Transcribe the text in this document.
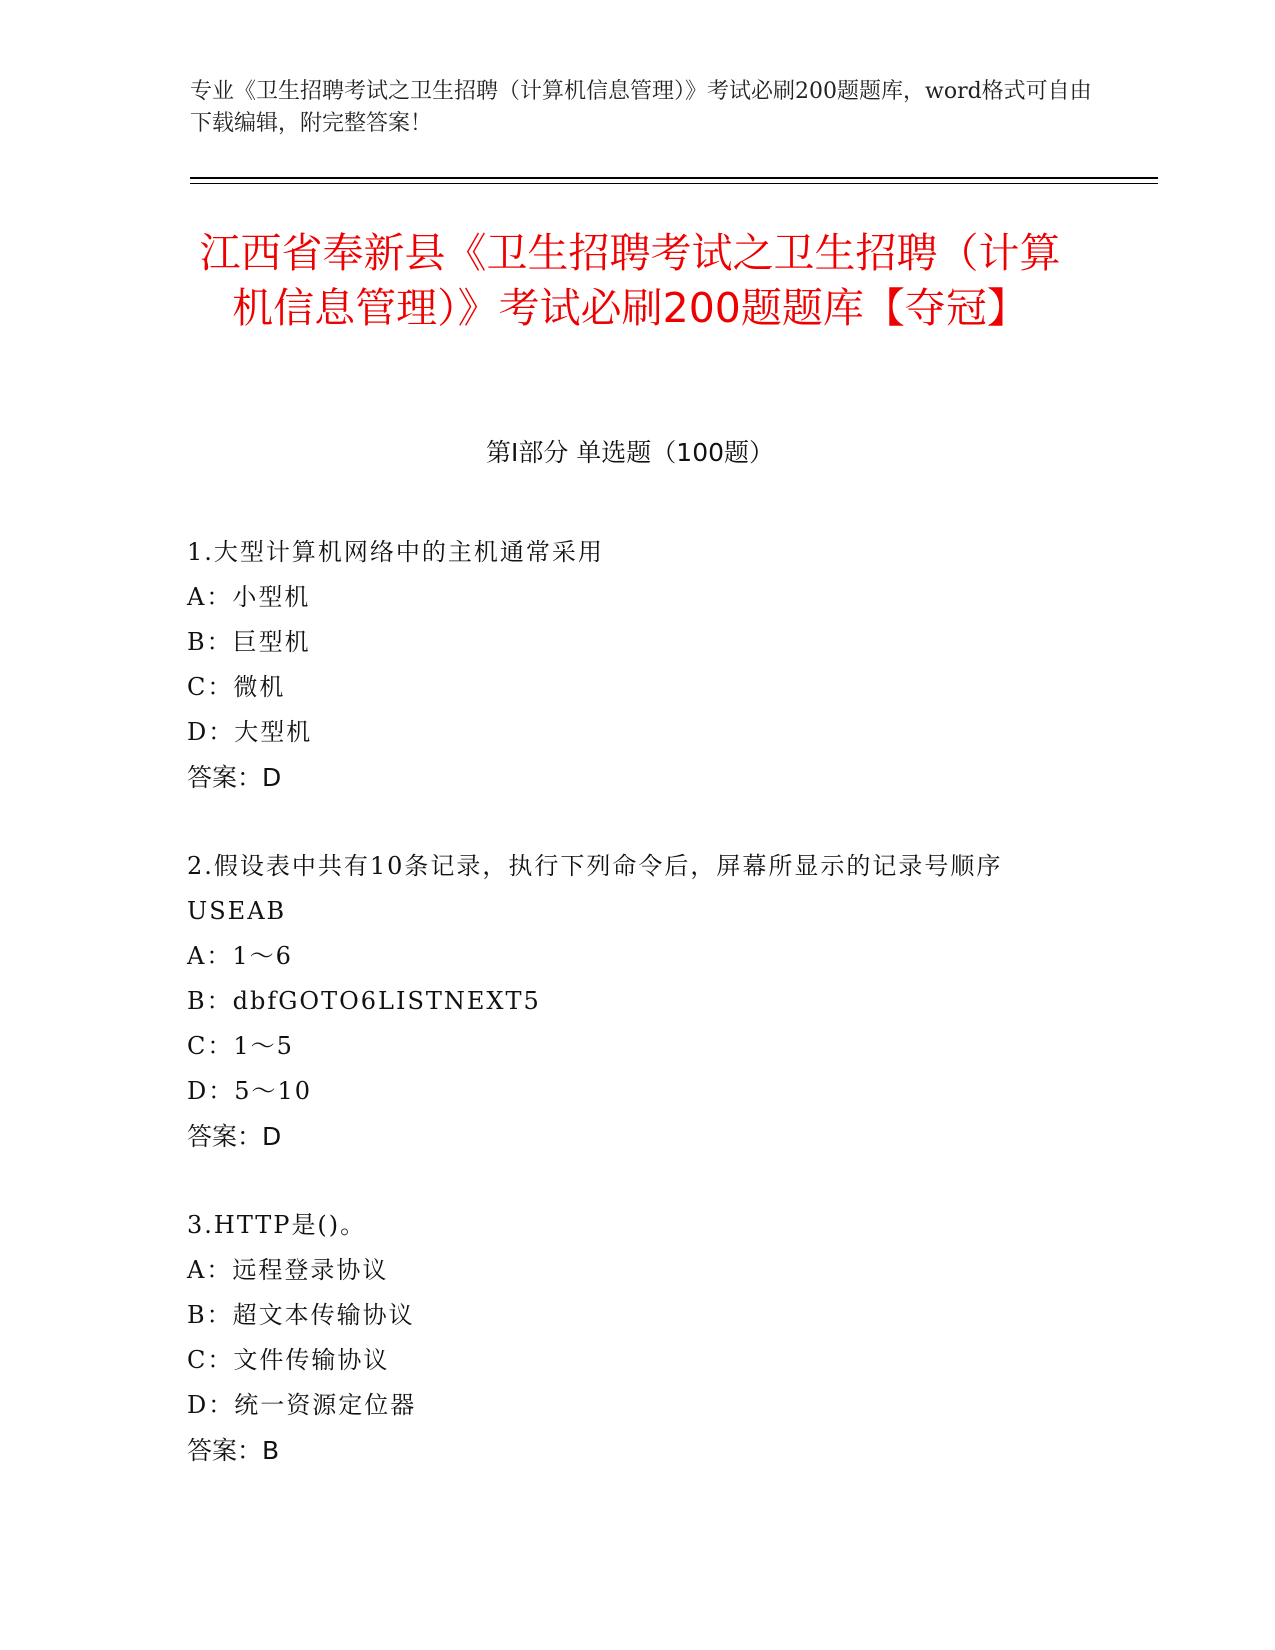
专业《卫生招聘考试之卫生招聘（计算机信息管理）》考试必刷200题题库，word格式可自由下载编辑，附完整答案！
江西省奉新县《卫生招聘考试之卫生招聘（计算机信息管理）》考试必刷200题题库【夺冠】
第Ⅰ部分 单选题（100题）
1.大型计算机网络中的主机通常采用
A：小型机
B：巨型机
C：微机
D：大型机
答案：D
2.假设表中共有10条记录，执行下列命令后，屏幕所显示的记录号顺序USEAB
A：1～6
B：dbfGOTO6LISTNEXT5
C：1～5
D：5～10
答案：D
3.HTTP是()。
A：远程登录协议
B：超文本传输协议
C：文件传输协议
D：统一资源定位器
答案：B
